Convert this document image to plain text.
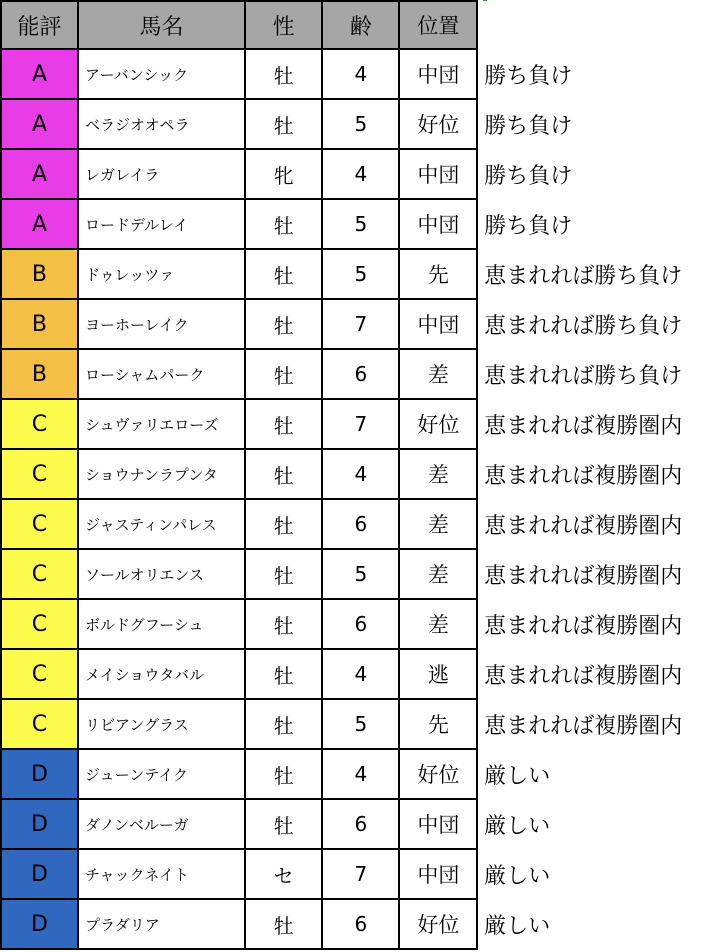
能評	馬名	性	齢	位置	
A	アーバンシック	牡	4	中団	勝ち負け
A	ベラジオオペラ	牡	5	好位	勝ち負け
A	レガレイラ	牝	4	中団	勝ち負け
A	ロードデルレイ	牡	5	中団	勝ち負け
B	ドゥレッツァ	牡	5	先	恵まれれば勝ち負け
B	ヨーホーレイク	牡	7	中団	恵まれれば勝ち負け
B	ローシャムパーク	牡	6	差	恵まれれば勝ち負け
C	シュヴァリエローズ	牡	7	好位	恵まれれば複勝圏内
C	ショウナンラプンタ	牡	4	差	恵まれれば複勝圏内
C	ジャスティンパレス	牡	6	差	恵まれれば複勝圏内
C	ソールオリエンス	牡	5	差	恵まれれば複勝圏内
C	ボルドグフーシュ	牡	6	差	恵まれれば複勝圏内
C	メイショウタバル	牡	4	逃	恵まれれば複勝圏内
C	リビアングラス	牡	5	先	恵まれれば複勝圏内
D	ジューンテイク	牡	4	好位	厳しい
D	ダノンベルーガ	牡	6	中団	厳しい
D	チャックネイト	セ	7	中団	厳しい
D	プラダリア	牡	6	好位	厳しい
